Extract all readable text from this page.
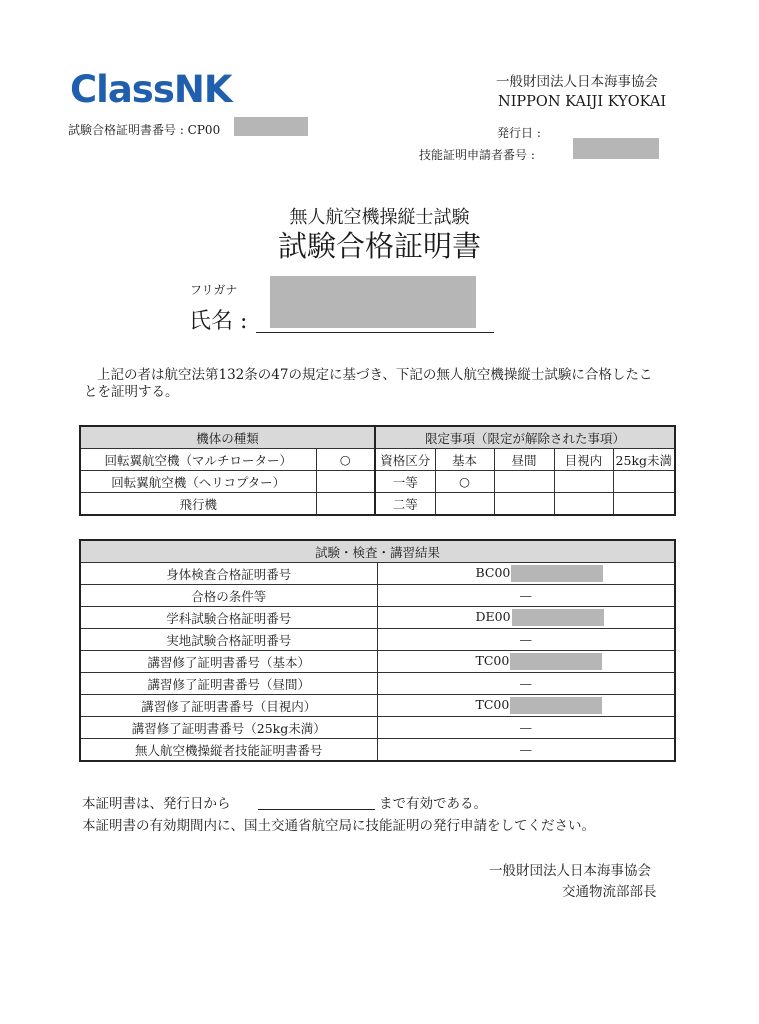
ClassNK	一般財団法人日本海事協会
NIPPON KAIJI KYOKAI
試験合格証明書番号 : CP00	発行日 :
技能証明申請者番号 :
無人航空機操縦士試験
試験合格証明書
フリガナ
氏名 :
上記の者は航空法第132条の47の規定に基づき、下記の無人航空機操縦士試験に合格したこ
とを証明する。
機体の種類		限定事項（限定が解除された事項）				
回転翼航空機（マルチローター）	○	資格区分	基本	昼間	目視内	25kg未満
回転翼航空機（ヘリコプター）		一等	○			
飛行機		二等				
試験・検査・講習結果	
身体検査合格証明番号	BC00
合格の条件等	—
学科試験合格証明番号	DE00
実地試験合格証明番号	—
講習修了証明書番号（基本）	TC00
講習修了証明書番号（昼間）	—
講習修了証明書番号（目視内）	TC00
講習修了証明書番号（25kg未満）	—
無人航空機操縦者技能証明書番号	—
本証明書は、発行日から	まで有効である。
本証明書の有効期間内に、国土交通省航空局に技能証明の発行申請をしてください。
一般財団法人日本海事協会
交通物流部部長
